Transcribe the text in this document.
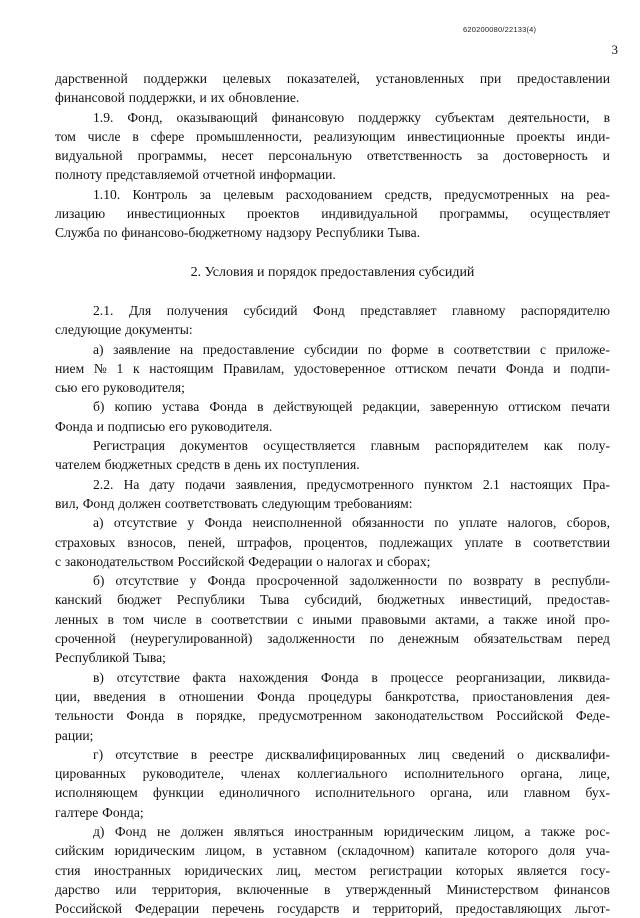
620200080/22133(4)
3
дарственной поддержки целевых показателей, установленных при предоставлении
финансовой поддержки, и их обновление.
1.9. Фонд, оказывающий финансовую поддержку субъектам деятельности, в
том числе в сфере промышленности, реализующим инвестиционные проекты инди-
видуальной программы, несет персональную ответственность за достоверность и
полноту представляемой отчетной информации.
1.10. Контроль за целевым расходованием средств, предусмотренных на реа-
лизацию инвестиционных проектов индивидуальной программы, осуществляет
Служба по финансово-бюджетному надзору Республики Тыва.
2. Условия и порядок предоставления субсидий
2.1. Для получения субсидий Фонд представляет главному распорядителю
следующие документы:
а) заявление на предоставление субсидии по форме в соответствии с приложе-
нием № 1 к настоящим Правилам, удостоверенное оттиском печати Фонда и подпи-
сью его руководителя;
б) копию устава Фонда в действующей редакции, заверенную оттиском печати
Фонда и подписью его руководителя.
Регистрация документов осуществляется главным распорядителем как полу-
чателем бюджетных средств в день их поступления.
2.2. На дату подачи заявления, предусмотренного пунктом 2.1 настоящих Пра-
вил, Фонд должен соответствовать следующим требованиям:
а) отсутствие у Фонда неисполненной обязанности по уплате налогов, сборов,
страховых взносов, пеней, штрафов, процентов, подлежащих уплате в соответствии
с законодательством Российской Федерации о налогах и сборах;
б) отсутствие у Фонда просроченной задолженности по возврату в республи-
канский бюджет Республики Тыва субсидий, бюджетных инвестиций, предостав-
ленных в том числе в соответствии с иными правовыми актами, а также иной про-
сроченной (неурегулированной) задолженности по денежным обязательствам перед
Республикой Тыва;
в) отсутствие факта нахождения Фонда в процессе реорганизации, ликвида-
ции, введения в отношении Фонда процедуры банкротства, приостановления дея-
тельности Фонда в порядке, предусмотренном законодательством Российской Феде-
рации;
г) отсутствие в реестре дисквалифицированных лиц сведений о дисквалифи-
цированных руководителе, членах коллегиального исполнительного органа, лице,
исполняющем функции единоличного исполнительного органа, или главном бух-
галтере Фонда;
д) Фонд не должен являться иностранным юридическим лицом, а также рос-
сийским юридическим лицом, в уставном (складочном) капитале которого доля уча-
стия иностранных юридических лиц, местом регистрации которых является госу-
дарство или территория, включенные в утвержденный Министерством финансов
Российской Федерации перечень государств и территорий, предоставляющих льгот-
